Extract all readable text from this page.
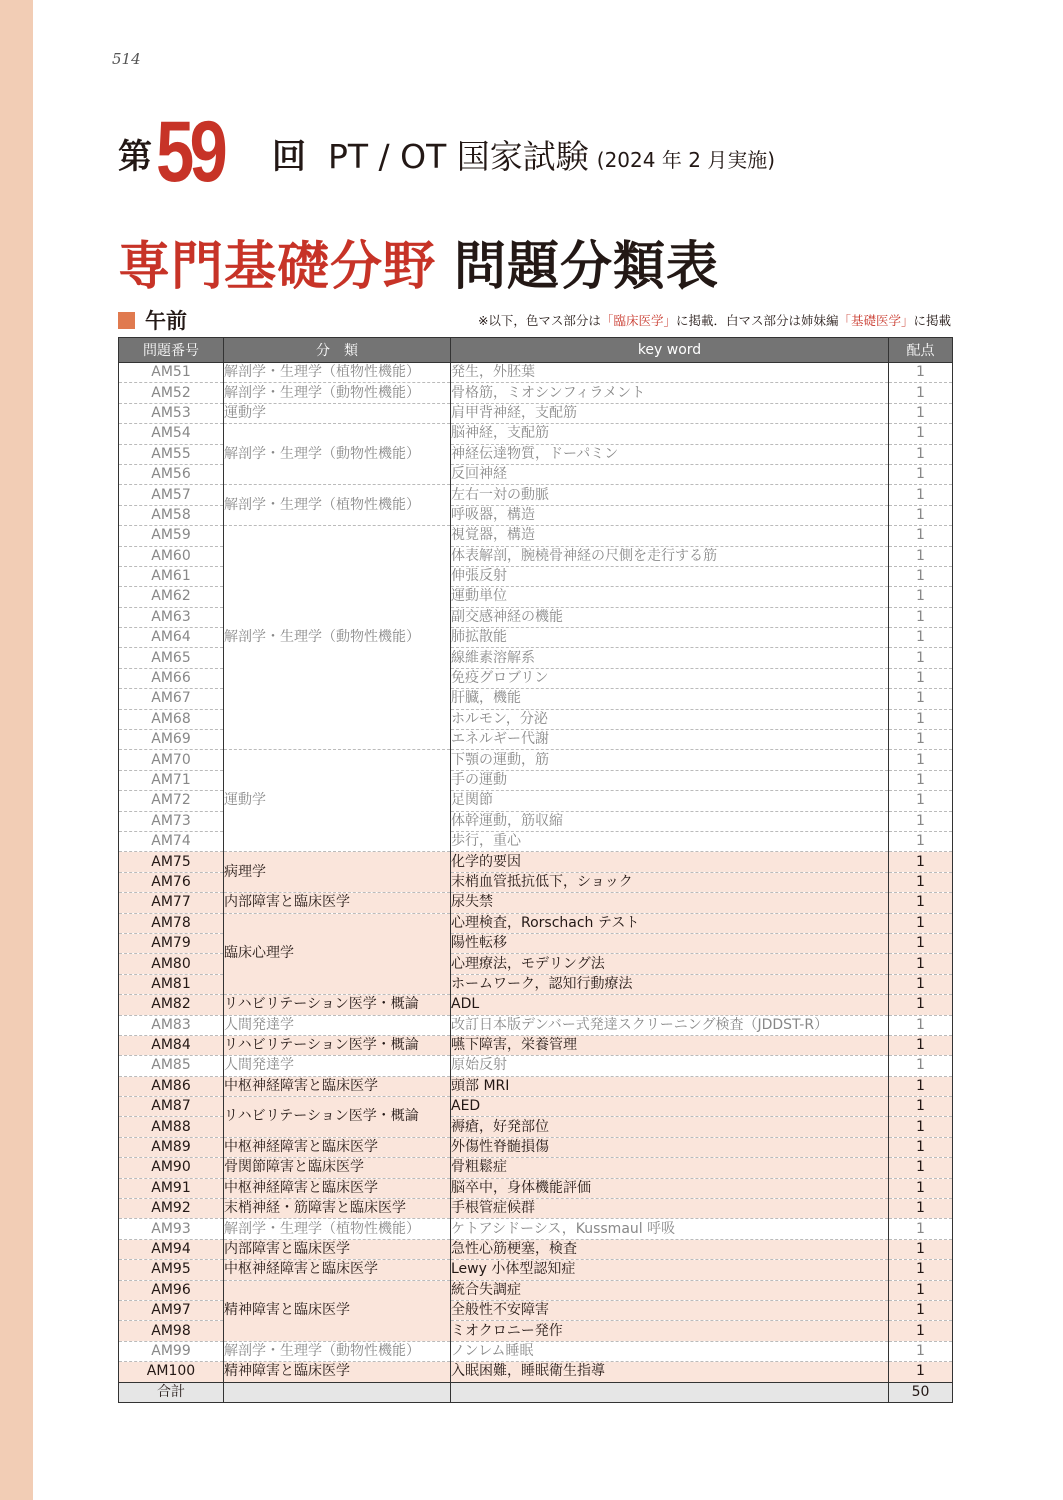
514
第 59	回 PT / OT 国家試験 (2024 年 2 月実施)
専門基礎分野 問題分類表
午前	※以下，色マス部分は「臨床医学」に掲載．白マス部分は姉妹編「基礎医学」に掲載
問題番号	分　類	key word	配点
AM51	解剖学・生理学（植物性機能）	発生，外胚葉	1
AM52	解剖学・生理学（動物性機能）	骨格筋，ミオシンフィラメント	1
AM53	運動学	肩甲背神経，支配筋	1
AM54	解剖学・生理学（動物性機能）	脳神経，支配筋	1
AM55		神経伝達物質，ドーパミン	1
AM56		反回神経	1
AM57	解剖学・生理学（植物性機能）	左右一対の動脈	1
AM58		呼吸器，構造	1
AM59	解剖学・生理学（動物性機能）	視覚器，構造	1
AM60		体表解剖，腕橈骨神経の尺側を走行する筋	1
AM61		伸張反射	1
AM62		運動単位	1
AM63		副交感神経の機能	1
AM64		肺拡散能	1
AM65		線維素溶解系	1
AM66		免疫グロブリン	1
AM67		肝臓，機能	1
AM68		ホルモン，分泌	1
AM69		エネルギー代謝	1
AM70	運動学	下顎の運動，筋	1
AM71		手の運動	1
AM72		足関節	1
AM73		体幹運動，筋収縮	1
AM74		歩行，重心	1
AM75	病理学	化学的要因	1
AM76		末梢血管抵抗低下，ショック	1
AM77	内部障害と臨床医学	尿失禁	1
AM78	臨床心理学	心理検査，Rorschach テスト	1
AM79		陽性転移	1
AM80		心理療法，モデリング法	1
AM81		ホームワーク，認知行動療法	1
AM82	リハビリテーション医学・概論	ADL	1
AM83	人間発達学	改訂日本版デンバー式発達スクリーニング検査（JDDST-R）	1
AM84	リハビリテーション医学・概論	嚥下障害，栄養管理	1
AM85	人間発達学	原始反射	1
AM86	中枢神経障害と臨床医学	頭部 MRI	1
AM87	リハビリテーション医学・概論	AED	1
AM88		褥瘡，好発部位	1
AM89	中枢神経障害と臨床医学	外傷性脊髄損傷	1
AM90	骨関節障害と臨床医学	骨粗鬆症	1
AM91	中枢神経障害と臨床医学	脳卒中，身体機能評価	1
AM92	末梢神経・筋障害と臨床医学	手根管症候群	1
AM93	解剖学・生理学（植物性機能）	ケトアシドーシス，Kussmaul 呼吸	1
AM94	内部障害と臨床医学	急性心筋梗塞，検査	1
AM95	中枢神経障害と臨床医学	Lewy 小体型認知症	1
AM96	精神障害と臨床医学	統合失調症	1
AM97		全般性不安障害	1
AM98		ミオクロニー発作	1
AM99	解剖学・生理学（動物性機能）	ノンレム睡眠	1
AM100	精神障害と臨床医学	入眠困難，睡眠衛生指導	1
合計			50
